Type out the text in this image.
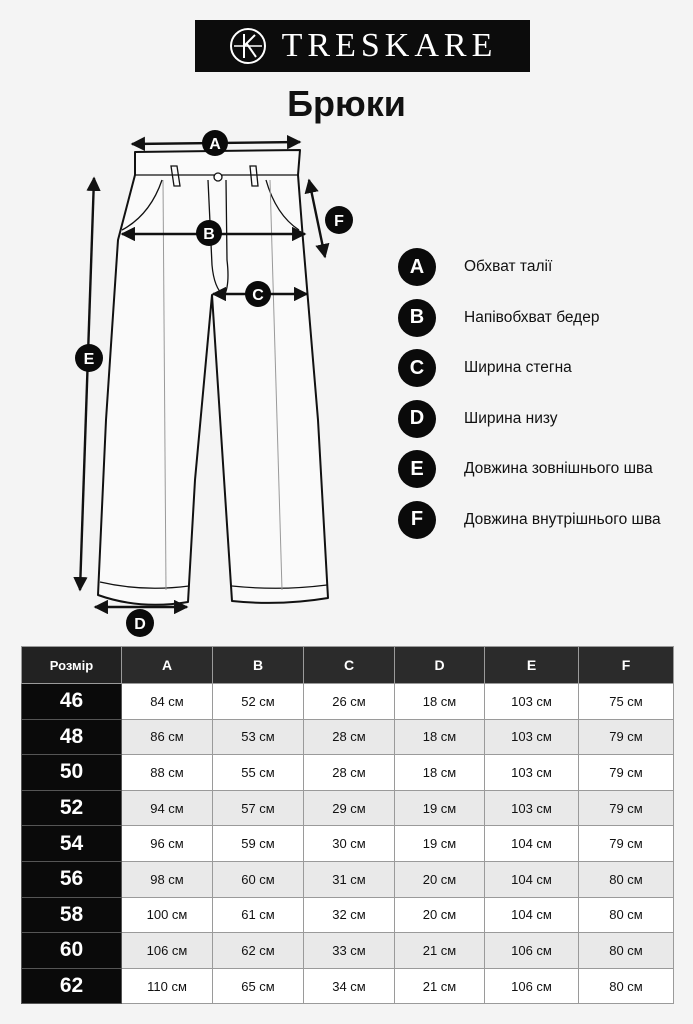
TRESKARE
Брюки
A
B
C
D
E
F
A	Обхват талії
B	Напівобхват бедер
C	Ширина стегна
D	Ширина низу
E	Довжина зовнішнього шва
F	Довжина внутрішнього шва
Розмір	A	B	C	D	E	F
46	84 см	52 см	26 см	18 см	103 см	75 см
48	86 см	53 см	28 см	18 см	103 см	79 см
50	88 см	55 см	28 см	18 см	103 см	79 см
52	94 см	57 см	29 см	19 см	103 см	79 см
54	96 см	59 см	30 см	19 см	104 см	79 см
56	98 см	60 см	31 см	20 см	104 см	80 см
58	100 см	61 см	32 см	20 см	104 см	80 см
60	106 см	62 см	33 см	21 см	106 см	80 см
62	110 см	65 см	34 см	21 см	106 см	80 см
